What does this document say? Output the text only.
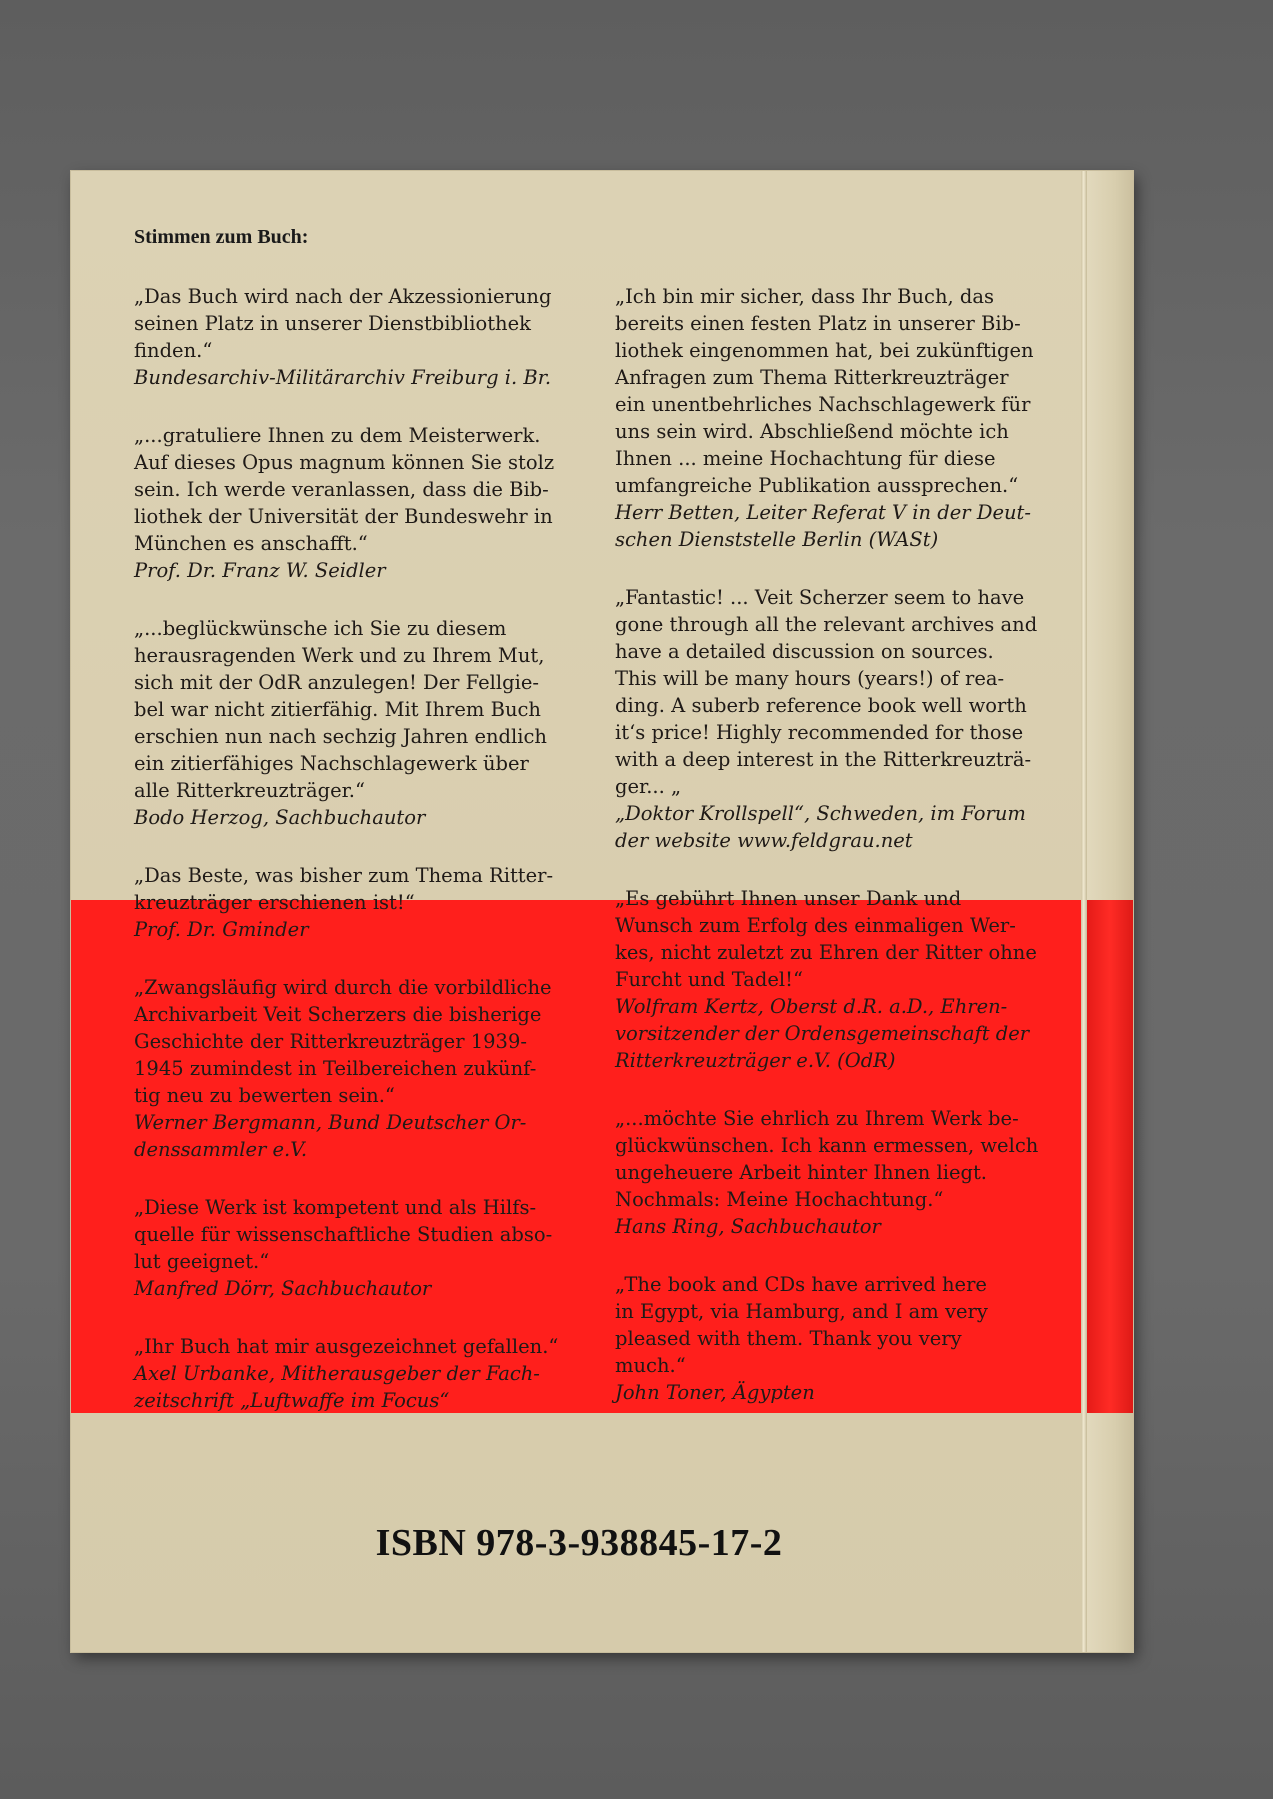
Stimmen zum Buch:

„Das Buch wird nach der Akzessionierung
seinen Platz in unserer Dienstbibliothek
finden.“
Bundesarchiv-Militärarchiv Freiburg i. Br.

„...gratuliere Ihnen zu dem Meisterwerk.
Auf dieses Opus magnum können Sie stolz
sein. Ich werde veranlassen, dass die Bib-
liothek der Universität der Bundeswehr in
München es anschafft.“
Prof. Dr. Franz W. Seidler

„...beglückwünsche ich Sie zu diesem
herausragenden Werk und zu Ihrem Mut,
sich mit der OdR anzulegen! Der Fellgie-
bel war nicht zitierfähig. Mit Ihrem Buch
erschien nun nach sechzig Jahren endlich
ein zitierfähiges Nachschlagewerk über
alle Ritterkreuzträger.“
Bodo Herzog, Sachbuchautor

„Das Beste, was bisher zum Thema Ritter-
kreuzträger erschienen ist!“
Prof. Dr. Gminder

„Zwangsläufig wird durch die vorbildliche
Archivarbeit Veit Scherzers die bisherige
Geschichte der Ritterkreuzträger 1939-
1945 zumindest in Teilbereichen zukünf-
tig neu zu bewerten sein.“
Werner Bergmann, Bund Deutscher Or-
denssammler e.V.

„Diese Werk ist kompetent und als Hilfs-
quelle für wissenschaftliche Studien abso-
lut geeignet.“
Manfred Dörr, Sachbuchautor

„Ihr Buch hat mir ausgezeichnet gefallen.“
Axel Urbanke, Mitherausgeber der Fach-
zeitschrift „Luftwaffe im Focus“

„Ich bin mir sicher, dass Ihr Buch, das
bereits einen festen Platz in unserer Bib-
liothek eingenommen hat, bei zukünftigen
Anfragen zum Thema Ritterkreuzträger
ein unentbehrliches Nachschlagewerk für
uns sein wird. Abschließend möchte ich
Ihnen ... meine Hochachtung für diese
umfangreiche Publikation aussprechen.“
Herr Betten, Leiter Referat V in der Deut-
schen Dienststelle Berlin (WASt)

„Fantastic! ... Veit Scherzer seem to have
gone through all the relevant archives and
have a detailed discussion on sources.
This will be many hours (years!) of rea-
ding. A suberb reference book well worth
it‘s price! Highly recommended for those
with a deep interest in the Ritterkreuzträ-
ger... „
„Doktor Krollspell“, Schweden, im Forum
der website www.feldgrau.net

„Es gebührt Ihnen unser Dank und
Wunsch zum Erfolg des einmaligen Wer-
kes, nicht zuletzt zu Ehren der Ritter ohne
Furcht und Tadel!“
Wolfram Kertz, Oberst d.R. a.D., Ehren-
vorsitzender der Ordensgemeinschaft der
Ritterkreuzträger e.V. (OdR)

„...möchte Sie ehrlich zu Ihrem Werk be-
glückwünschen. Ich kann ermessen, welch
ungeheuere Arbeit hinter Ihnen liegt.
Nochmals: Meine Hochachtung.“
Hans Ring, Sachbuchautor

„The book and CDs have arrived here
in Egypt, via Hamburg, and I am very
pleased with them. Thank you very
much.“
John Toner, Ägypten

ISBN 978-3-938845-17-2
